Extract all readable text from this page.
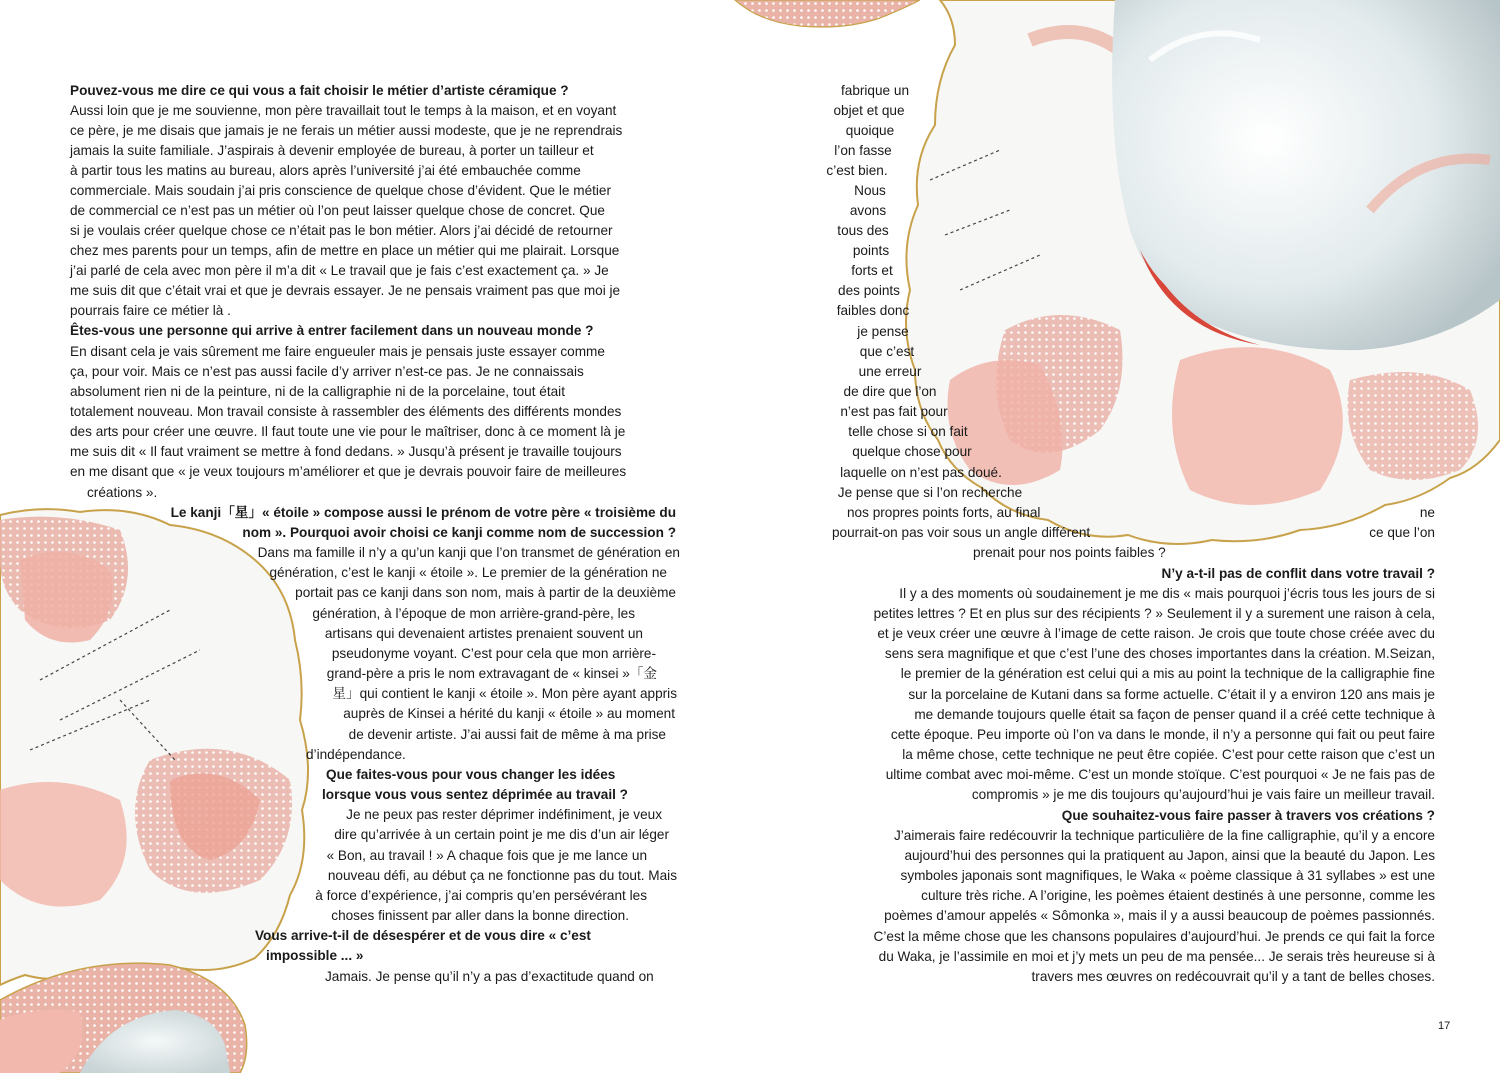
Pouvez-vous me dire ce qui vous a fait choisir le métier d’artiste céramique ?
Aussi loin que je me souvienne, mon père travaillait tout le temps à la maison, et en voyant
ce père, je me disais que jamais je ne ferais un métier aussi modeste, que je ne reprendrais
jamais la suite familiale. J’aspirais à devenir employée de bureau, à porter un tailleur et
à partir tous les matins au bureau, alors après l’université j’ai été embauchée comme
commerciale. Mais soudain j’ai pris conscience de quelque chose d’évident. Que le métier
de commercial ce n’est pas un métier où l’on peut laisser quelque chose de concret. Que
si je voulais créer quelque chose ce n’était pas le bon métier. Alors j’ai décidé de retourner
chez mes parents pour un temps, afin de mettre en place un métier qui me plairait. Lorsque
j’ai parlé de cela avec mon père il m’a dit « Le travail que je fais c’est exactement ça. » Je
me suis dit que c’était vrai et que je devrais essayer. Je ne pensais vraiment pas que moi je
pourrais faire ce métier là .
Êtes-vous une personne qui arrive à entrer facilement dans un nouveau monde ?
En disant cela je vais sûrement me faire engueuler mais je pensais juste essayer comme
ça, pour voir. Mais ce n’est pas aussi facile d’y arriver n’est-ce pas. Je ne connaissais
absolument rien ni de la peinture, ni de la calligraphie ni de la porcelaine, tout était
totalement nouveau. Mon travail consiste à rassembler des éléments des différents mondes
des arts pour créer une œuvre. Il faut toute une vie pour le maîtriser, donc à ce moment là je
me suis dit « Il faut vraiment se mettre à fond dedans. » Jusqu’à présent je travaille toujours
en me disant que « je veux toujours m’améliorer et que je devrais pouvoir faire de meilleures
créations ».
Le kanji「星」« étoile » compose aussi le prénom de votre père « troisième du
nom ». Pourquoi avoir choisi ce kanji comme nom de succession ?
Dans ma famille il n’y a qu’un kanji que l’on transmet de génération en
génération, c’est le kanji « étoile ». Le premier de la génération ne
portait pas ce kanji dans son nom, mais à partir de la deuxième
génération, à l’époque de mon arrière-grand-père, les
artisans qui devenaient artistes prenaient souvent un
pseudonyme voyant. C’est pour cela que mon arrière-
grand-père a pris le nom extravagant de « kinsei »「金
星」qui contient le kanji « étoile ». Mon père ayant appris
auprès de Kinsei a hérité du kanji « étoile » au moment
de devenir artiste. J’ai aussi fait de même à ma prise
d’indépendance.
Que faites-vous pour vous changer les idées
lorsque vous vous sentez déprimée au travail ?
Je ne peux pas rester déprimer indéfiniment, je veux
dire qu’arrivée à un certain point je me dis d’un air léger
« Bon, au travail ! » A chaque fois que je me lance un
nouveau défi, au début ça ne fonctionne pas du tout. Mais
à force d’expérience, j’ai compris qu’en persévérant les
choses finissent par aller dans la bonne direction.
Vous arrive-t-il de désespérer et de vous dire « c’est
impossible ... »
Jamais. Je pense qu’il n’y a pas d’exactitude quand on
fabrique un
objet et que
quoique
l’on fasse
c’est bien.
Nous
avons
tous des
points
forts et
des points
faibles donc
je pense
que c’est
une erreur
de dire que l’on
n’est pas fait pour
telle chose si on fait
quelque chose pour
laquelle on n’est pas doué.
Je pense que si l’on recherche
nos propres points forts, au final	ne
pourrait-on pas voir sous un angle différent	ce que l’on
prenait pour nos points faibles ?
N’y a-t-il pas de conflit dans votre travail ?
Il y a des moments où soudainement je me dis « mais pourquoi j’écris tous les jours de si
petites lettres ? Et en plus sur des récipients ? » Seulement il y a surement une raison à cela,
et je veux créer une œuvre à l’image de cette raison. Je crois que toute chose créée avec du
sens sera magnifique et que c’est l’une des choses importantes dans la création. M.Seizan,
le premier de la génération est celui qui a mis au point la technique de la calligraphie fine
sur la porcelaine de Kutani dans sa forme actuelle. C’était il y a environ 120 ans mais je
me demande toujours quelle était sa façon de penser quand il a créé cette technique à
cette époque. Peu importe où l’on va dans le monde, il n’y a personne qui fait ou peut faire
la même chose, cette technique ne peut être copiée. C’est pour cette raison que c’est un
ultime combat avec moi-même. C’est un monde stoïque. C’est pourquoi « Je ne fais pas de
compromis » je me dis toujours qu’aujourd’hui je vais faire un meilleur travail.
Que souhaitez-vous faire passer à travers vos créations ?
J’aimerais faire redécouvrir la technique particulière de la fine calligraphie, qu’il y a encore
aujourd’hui des personnes qui la pratiquent au Japon, ainsi que la beauté du Japon. Les
symboles japonais sont magnifiques, le Waka « poème classique à 31 syllabes » est une
culture très riche. A l’origine, les poèmes étaient destinés à une personne, comme les
poèmes d’amour appelés « Sômonka », mais il y a aussi beaucoup de poèmes passionnés.
C’est la même chose que les chansons populaires d’aujourd’hui. Je prends ce qui fait la force
du Waka, je l’assimile en moi et j’y mets un peu de ma pensée... Je serais très heureuse si à
travers mes œuvres on redécouvrait qu’il y a tant de belles choses.
17
